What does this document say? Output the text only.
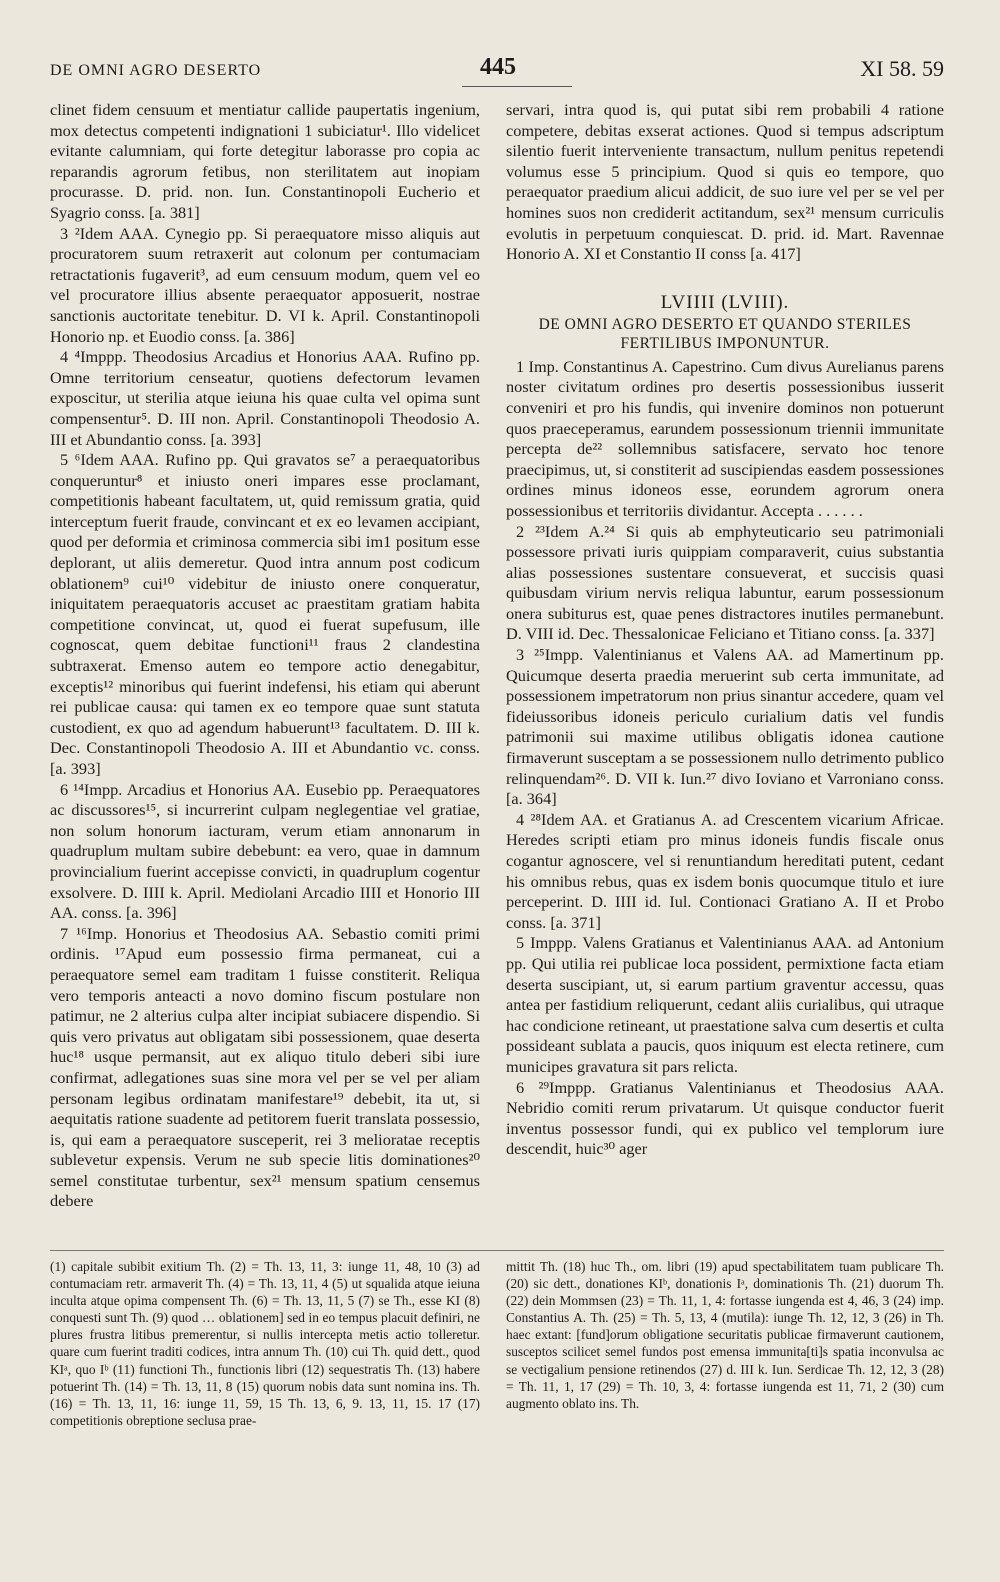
DE OMNI AGRO DESERTO	445	XI 58. 59

clinet fidem censuum et mentiatur callide paupertatis ingenium, mox detectus competenti indignationi 1 subiciatur¹. Illo videlicet evitante calumniam, qui forte detegitur laborasse pro copia ac reparandis agrorum fetibus, non sterilitatem aut inopiam procurasse. D. prid. non. Iun. Constantinopoli Eucherio et Syagrio conss. [a. 381]

3 ²Idem AAA. Cynegio pp. Si peraequatore misso aliquis aut procuratorem suum retraxerit aut colonum per contumaciam retractationis fugaverit³, ad eum censuum modum, quem vel eo vel procuratore illius absente peraequator apposuerit, nostrae sanctionis auctoritate tenebitur. D. VI k. April. Constantinopoli Honorio np. et Euodio conss. [a. 386]

4 ⁴Imppp. Theodosius Arcadius et Honorius AAA. Rufino pp. Omne territorium censeatur, quotiens defectorum levamen exposcitur, ut sterilia atque ieiuna his quae culta vel opima sunt compensentur⁵. D. III non. April. Constantinopoli Theodosio A. III et Abundantio conss. [a. 393]

5 ⁶Idem AAA. Rufino pp. Qui gravatos se⁷ a peraequatoribus conqueruntur⁸ et iniusto oneri impares esse proclamant, competitionis habeant facultatem, ut, quid remissum gratia, quid interceptum fuerit fraude, convincant et ex eo levamen accipiant, quod per deformia et criminosa commercia sibi im1 positum esse deplorant, ut aliis demeretur. Quod intra annum post codicum oblationem⁹ cui¹⁰ videbitur de iniusto onere conqueratur, iniquitatem peraequatoris accuset ac praestitam gratiam habita competitione convincat, ut, quod ei fuerat supefusum, ille cognoscat, quem debitae functioni¹¹ fraus 2 clandestina subtraxerat. Emenso autem eo tempore actio denegabitur, exceptis¹² minoribus qui fuerint indefensi, his etiam qui aberunt rei publicae causa: qui tamen ex eo tempore quae sunt statuta custodient, ex quo ad agendum habuerunt¹³ facultatem. D. III k. Dec. Constantinopoli Theodosio A. III et Abundantio vc. conss. [a. 393]

6 ¹⁴Impp. Arcadius et Honorius AA. Eusebio pp. Peraequatores ac discussores¹⁵, si incurrerint culpam neglegentiae vel gratiae, non solum honorum iacturam, verum etiam annonarum in quadruplum multam subire debebunt: ea vero, quae in damnum provincialium fuerint accepisse convicti, in quadruplum cogentur exsolvere. D. IIII k. April. Mediolani Arcadio IIII et Honorio III AA. conss. [a. 396]

7 ¹⁶Imp. Honorius et Theodosius AA. Sebastio comiti primi ordinis. ¹⁷Apud eum possessio firma permaneat, cui a peraequatore semel eam traditam 1 fuisse constiterit. Reliqua vero temporis anteacti a novo domino fiscum postulare non patimur, ne 2 alterius culpa alter incipiat subiacere dispendio. Si quis vero privatus aut obligatam sibi possessionem, quae deserta huc¹⁸ usque permansit, aut ex aliquo titulo deberi sibi iure confirmat, adlegationes suas sine mora vel per se vel per aliam personam legibus ordinatam manifestare¹⁹ debebit, ita ut, si aequitatis ratione suadente ad petitorem fuerit translata possessio, is, qui eam a peraequatore susceperit, rei 3 melioratae receptis sublevetur expensis. Verum ne sub specie litis dominationes²⁰ semel constitutae turbentur, sex²¹ mensum spatium censemus debere

servari, intra quod is, qui putat sibi rem probabili 4 ratione competere, debitas exserat actiones. Quod si tempus adscriptum silentio fuerit interveniente transactum, nullum penitus repetendi volumus esse 5 principium. Quod si quis eo tempore, quo peraequator praedium alicui addicit, de suo iure vel per se vel per homines suos non crediderit actitandum, sex²¹ mensum curriculis evolutis in perpetuum conquiescat. D. prid. id. Mart. Ravennae Honorio A. XI et Constantio II conss [a. 417]

LVIIII (LVIII).
DE OMNI AGRO DESERTO ET QUANDO STERILES FERTILIBUS IMPONUNTUR.

1 Imp. Constantinus A. Capestrino. Cum divus Aurelianus parens noster civitatum ordines pro desertis possessionibus iusserit conveniri et pro his fundis, qui invenire dominos non potuerunt quos praeceperamus, earundem possessionum triennii immunitate percepta de²² sollemnibus satisfacere, servato hoc tenore praecipimus, ut, si constiterit ad suscipiendas easdem possessiones ordines minus idoneos esse, eorundem agrorum onera possessionibus et territoriis dividantur. Accepta . . . . . .

2 ²³Idem A.²⁴ Si quis ab emphyteuticario seu patrimoniali possessore privati iuris quippiam comparaverit, cuius substantia alias possessiones sustentare consueverat, et succisis quasi quibusdam virium nervis reliqua labuntur, earum possessionum onera subiturus est, quae penes distractores inutiles permanebunt. D. VIII id. Dec. Thessalonicae Feliciano et Titiano conss. [a. 337]

3 ²⁵Impp. Valentinianus et Valens AA. ad Mamertinum pp. Quicumque deserta praedia meruerint sub certa immunitate, ad possessionem impetratorum non prius sinantur accedere, quam vel fideiussoribus idoneis periculo curialium datis vel fundis patrimonii sui maxime utilibus obligatis idonea cautione firmaverunt susceptam a se possessionem nullo detrimento publico relinquendam²⁶. D. VII k. Iun.²⁷ divo Ioviano et Varroniano conss. [a. 364]

4 ²⁸Idem AA. et Gratianus A. ad Crescentem vicarium Africae. Heredes scripti etiam pro minus idoneis fundis fiscale onus cogantur agnoscere, vel si renuntiandum hereditati putent, cedant his omnibus rebus, quas ex isdem bonis quocumque titulo et iure perceperint. D. IIII id. Iul. Contionaci Gratiano A. II et Probo conss. [a. 371]

5 Imppp. Valens Gratianus et Valentinianus AAA. ad Antonium pp. Qui utilia rei publicae loca possident, permixtione facta etiam deserta suscipiant, ut, si earum partium graventur accessu, quas antea per fastidium reliquerunt, cedant aliis curialibus, qui utraque hac condicione retineant, ut praestatione salva cum desertis et culta possideant sublata a paucis, quos iniquum est electa retinere, cum municipes gravatura sit pars relicta.

6 ²⁹Imppp. Gratianus Valentinianus et Theodosius AAA. Nebridio comiti rerum privatarum. Ut quisque conductor fuerit inventus possessor fundi, qui ex publico vel templorum iure descendit, huic³⁰ ager

(1) capitale subibit exitium Th. (2) = Th. 13, 11, 3: iunge 11, 48, 10 (3) ad contumaciam retr. armaverit Th. (4) = Th. 13, 11, 4 (5) ut squalida atque ieiuna inculta atque opima compensent Th. (6) = Th. 13, 11, 5 (7) se Th., esse KI (8) conquesti sunt Th. (9) quod … oblationem] sed in eo tempus placuit definiri, ne plures frustra litibus premerentur, si nullis intercepta metis actio tolleretur. quare cum fuerint traditi codices, intra annum Th. (10) cui Th. quid dett., quod KIᵃ, quo Iᵇ (11) functioni Th., functionis libri (12) sequestratis Th. (13) habere potuerint Th. (14) = Th. 13, 11, 8 (15) quorum nobis data sunt nomina ins. Th. (16) = Th. 13, 11, 16: iunge 11, 59, 15 Th. 13, 6, 9. 13, 11, 15. 17 (17) competitionis obreptione seclusa prae-

mittit Th. (18) huc Th., om. libri (19) apud spectabilitatem tuam publicare Th. (20) sic dett., donationes KIᵇ, donationis Iᵃ, dominationis Th. (21) duorum Th. (22) dein Mommsen (23) = Th. 11, 1, 4: fortasse iungenda est 4, 46, 3 (24) imp. Constantius A. Th. (25) = Th. 5, 13, 4 (mutila): iunge Th. 12, 12, 3 (26) in Th. haec extant: [fund]orum obligatione securitatis publicae firmaverunt cautionem, susceptos scilicet semel fundos post emensa immunita[ti]s spatia inconvulsa ac se vectigalium pensione retinendos (27) d. III k. Iun. Serdicae Th. 12, 12, 3 (28) = Th. 11, 1, 17 (29) = Th. 10, 3, 4: fortasse iungenda est 11, 71, 2 (30) cum augmento oblato ins. Th.
